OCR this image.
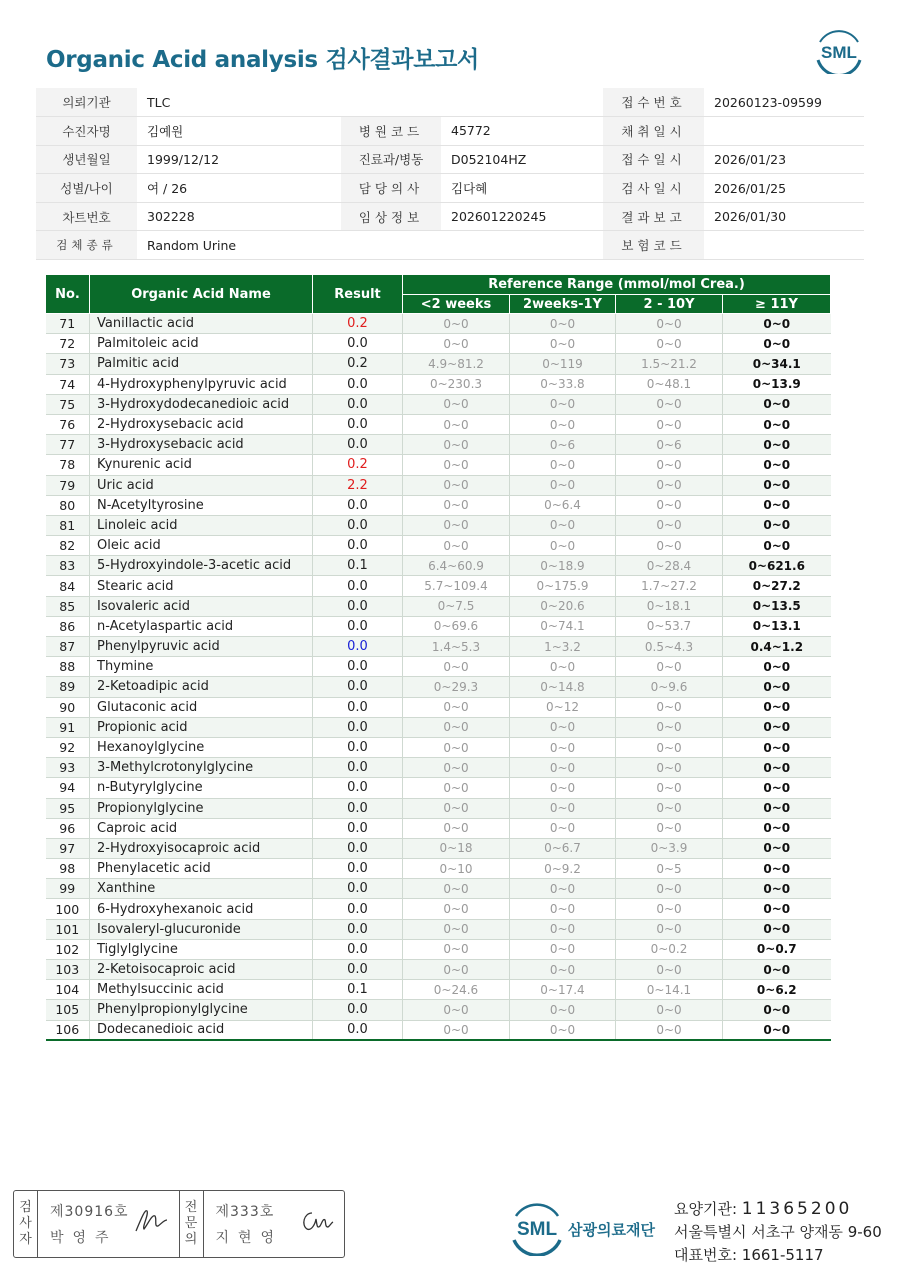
Organic Acid analysis 검사결과보고서	SML
의뢰기관	TLC			접수번호	20260123-09599
수진자명	김예원	병원코드	45772	채취일시	
생년월일	1999/12/12	진료과/병동	D052104HZ	접수일시	2026/01/23
성별/나이	여 / 26	담당의사	김다혜	검사일시	2026/01/25
차트번호	302228	임상정보	202601220245	결과보고	2026/01/30
검체종류	Random Urine			보험코드	
No.	Organic Acid Name	Result	Reference Range (mmol/mol Crea.)			
			<2 weeks	2weeks-1Y	2 - 10Y	≥ 11Y
71	Vanillactic acid	0.2	0~0	0~0	0~0	0~0
72	Palmitoleic acid	0.0	0~0	0~0	0~0	0~0
73	Palmitic acid	0.2	4.9~81.2	0~119	1.5~21.2	0~34.1
74	4-Hydroxyphenylpyruvic acid	0.0	0~230.3	0~33.8	0~48.1	0~13.9
75	3-Hydroxydodecanedioic acid	0.0	0~0	0~0	0~0	0~0
76	2-Hydroxysebacic acid	0.0	0~0	0~0	0~0	0~0
77	3-Hydroxysebacic acid	0.0	0~0	0~6	0~6	0~0
78	Kynurenic acid	0.2	0~0	0~0	0~0	0~0
79	Uric acid	2.2	0~0	0~0	0~0	0~0
80	N-Acetyltyrosine	0.0	0~0	0~6.4	0~0	0~0
81	Linoleic acid	0.0	0~0	0~0	0~0	0~0
82	Oleic acid	0.0	0~0	0~0	0~0	0~0
83	5-Hydroxyindole-3-acetic acid	0.1	6.4~60.9	0~18.9	0~28.4	0~621.6
84	Stearic acid	0.0	5.7~109.4	0~175.9	1.7~27.2	0~27.2
85	Isovaleric acid	0.0	0~7.5	0~20.6	0~18.1	0~13.5
86	n-Acetylaspartic acid	0.0	0~69.6	0~74.1	0~53.7	0~13.1
87	Phenylpyruvic acid	0.0	1.4~5.3	1~3.2	0.5~4.3	0.4~1.2
88	Thymine	0.0	0~0	0~0	0~0	0~0
89	2-Ketoadipic acid	0.0	0~29.3	0~14.8	0~9.6	0~0
90	Glutaconic acid	0.0	0~0	0~12	0~0	0~0
91	Propionic acid	0.0	0~0	0~0	0~0	0~0
92	Hexanoylglycine	0.0	0~0	0~0	0~0	0~0
93	3-Methylcrotonylglycine	0.0	0~0	0~0	0~0	0~0
94	n-Butyrylglycine	0.0	0~0	0~0	0~0	0~0
95	Propionylglycine	0.0	0~0	0~0	0~0	0~0
96	Caproic acid	0.0	0~0	0~0	0~0	0~0
97	2-Hydroxyisocaproic acid	0.0	0~18	0~6.7	0~3.9	0~0
98	Phenylacetic acid	0.0	0~10	0~9.2	0~5	0~0
99	Xanthine	0.0	0~0	0~0	0~0	0~0
100	6-Hydroxyhexanoic acid	0.0	0~0	0~0	0~0	0~0
101	Isovaleryl-glucuronide	0.0	0~0	0~0	0~0	0~0
102	Tiglylglycine	0.0	0~0	0~0	0~0.2	0~0.7
103	2-Ketoisocaproic acid	0.0	0~0	0~0	0~0	0~0
104	Methylsuccinic acid	0.1	0~24.6	0~17.4	0~14.1	0~6.2
105	Phenylpropionylglycine	0.0	0~0	0~0	0~0	0~0
106	Dodecanedioic acid	0.0	0~0	0~0	0~0	0~0
검
사
자
제30916호
박영주
전
문
의
제333호
지현영	SML 삼광의료재단
요양기관: 11365200
서울특별시 서초구 양재동 9-60
대표번호: 1661-5117
